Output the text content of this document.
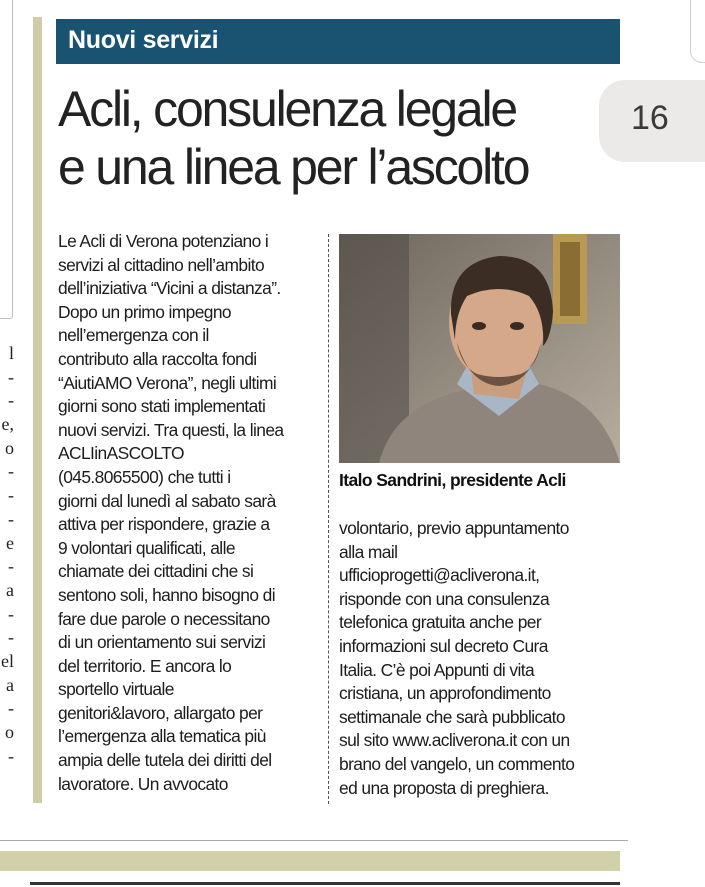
l
-
-
e,
o
-
-
-
e
-
a
-
-
el
a
-
o
-
Nuovi servizi
Acli, consulenza legale
e una linea per l’ascolto
16
Le Acli di Verona potenziano i
servizi al cittadino nell’ambito
dell’iniziativa “Vicini a distanza”.
Dopo un primo impegno
nell’emergenza con il
contributo alla raccolta fondi
“AiutiAMO Verona”, negli ultimi
giorni sono stati implementati
nuovi servizi. Tra questi, la linea
ACLIinASCOLTO
(045.8065500) che tutti i
giorni dal lunedì al sabato sarà
attiva per rispondere, grazie a
9 volontari qualificati, alle
chiamate dei cittadini che si
sentono soli, hanno bisogno di
fare due parole o necessitano
di un orientamento sui servizi
del territorio. E ancora lo
sportello virtuale
genitori&lavoro, allargato per
l’emergenza alla tematica più
ampia delle tutela dei diritti del
lavoratore. Un avvocato
Italo Sandrini, presidente Acli
volontario, previo appuntamento
alla mail
ufficioprogetti@acliverona.it,
risponde con una consulenza
telefonica gratuita anche per
informazioni sul decreto Cura
Italia. C’è poi Appunti di vita
cristiana, un approfondimento
settimanale che sarà pubblicato
sul sito www.acliverona.it con un
brano del vangelo, un commento
ed una proposta di preghiera.
